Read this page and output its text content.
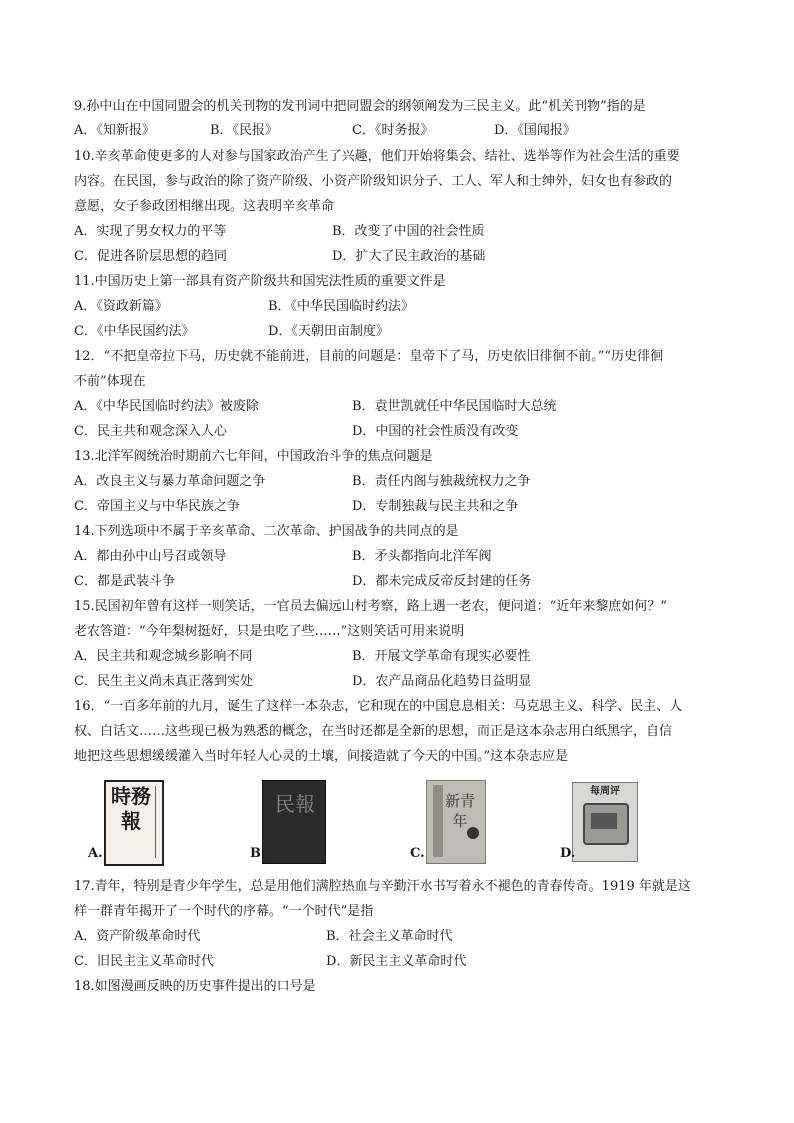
9.孙中山在中国同盟会的机关刊物的发刊词中把同盟会的纲领阐发为三民主义。此“机关刊物”指的是
A．《知新报》	B．《民报》	C．《时务报》	D．《国闻报》
10.辛亥革命使更多的人对参与国家政治产生了兴趣，他们开始将集会、结社、选举等作为社会生活的重要
内容。在民国，参与政治的除了资产阶级、小资产阶级知识分子、工人、军人和士绅外，妇女也有参政的
意愿，女子参政团相继出现。这表明辛亥革命
A．实现了男女权力的平等	B．改变了中国的社会性质
C．促进各阶层思想的趋同	D．扩大了民主政治的基础
11.中国历史上第一部具有资产阶级共和国宪法性质的重要文件是
A．《资政新篇》	B．《中华民国临时约法》
C．《中华民国约法》	D．《天朝田亩制度》
12．“不把皇帝拉下马，历史就不能前进，目前的问题是：皇帝下了马，历史依旧徘徊不前。”“历史徘徊
不前”体现在
A．《中华民国临时约法》被废除	B．袁世凯就任中华民国临时大总统
C．民主共和观念深入人心	D．中国的社会性质没有改变
13.北洋军阀统治时期前六七年间，中国政治斗争的焦点问题是
A．改良主义与暴力革命问题之争	B．责任内阁与独裁统权力之争
C．帝国主义与中华民族之争	D．专制独裁与民主共和之争
14.下列选项中不属于辛亥革命、二次革命、护国战争的共同点的是
A．都由孙中山号召或领导	B．矛头都指向北洋军阀
C．都是武装斗争	D．都未完成反帝反封建的任务
15.民国初年曾有这样一则笑话，一官员去偏远山村考察，路上遇一老农，便问道：“近年来黎庶如何？”
老农答道：“今年梨树挺好，只是虫吃了些……”这则笑话可用来说明
A．民主共和观念城乡影响不同	B．开展文学革命有现实必要性
C．民生主义尚未真正落到实处	D．农产品商品化趋势日益明显
16．“一百多年前的九月，诞生了这样一本杂志，它和现在的中国息息相关：马克思主义、科学、民主、人
权、白话文……这些现已极为熟悉的概念，在当时还都是全新的思想，而正是这本杂志用白纸黑字，自信
地把这些思想缓缓灌入当时年轻人心灵的土壤，间接造就了今天的中国。”这本杂志应是
時務報
A.
民報
B.
新青年
C.
每周评
D.
17.青年，特别是青少年学生，总是用他们满腔热血与辛勤汗水书写着永不褪色的青春传奇。1919 年就是这
样一群青年揭开了一个时代的序幕。“一个时代”是指
A．资产阶级革命时代	B．社会主义革命时代
C．旧民主主义革命时代	D．新民主主义革命时代
18.如图漫画反映的历史事件提出的口号是
